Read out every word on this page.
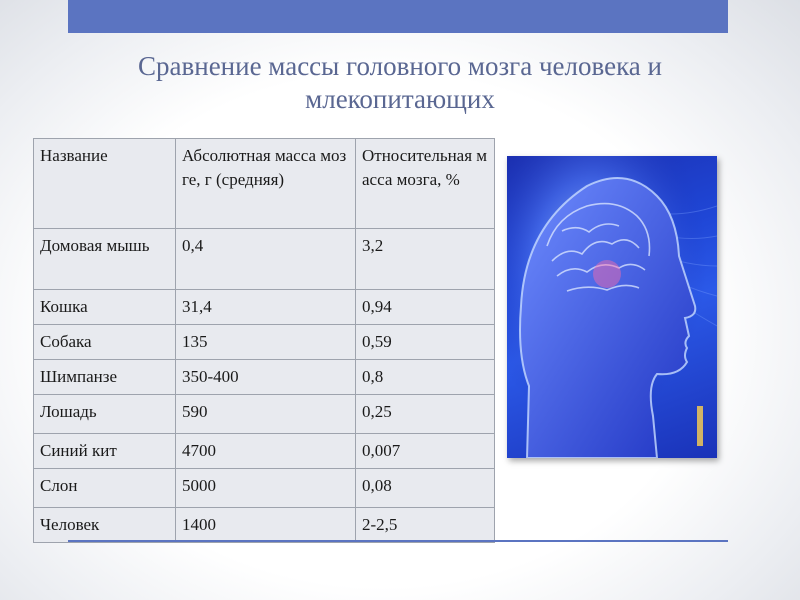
Сравнение массы головного мозга человека и млекопитающих
Название	Абсолютная масса мозге, г (средняя)	Относительная масса мозга, %
Домовая мышь	0,4	3,2
Кошка	31,4	0,94
Собака	135	0,59
Шимпанзе	350-400	0,8
Лошадь	590	0,25
Синий кит	4700	0,007
Слон	5000	0,08
Человек	1400	2-2,5
